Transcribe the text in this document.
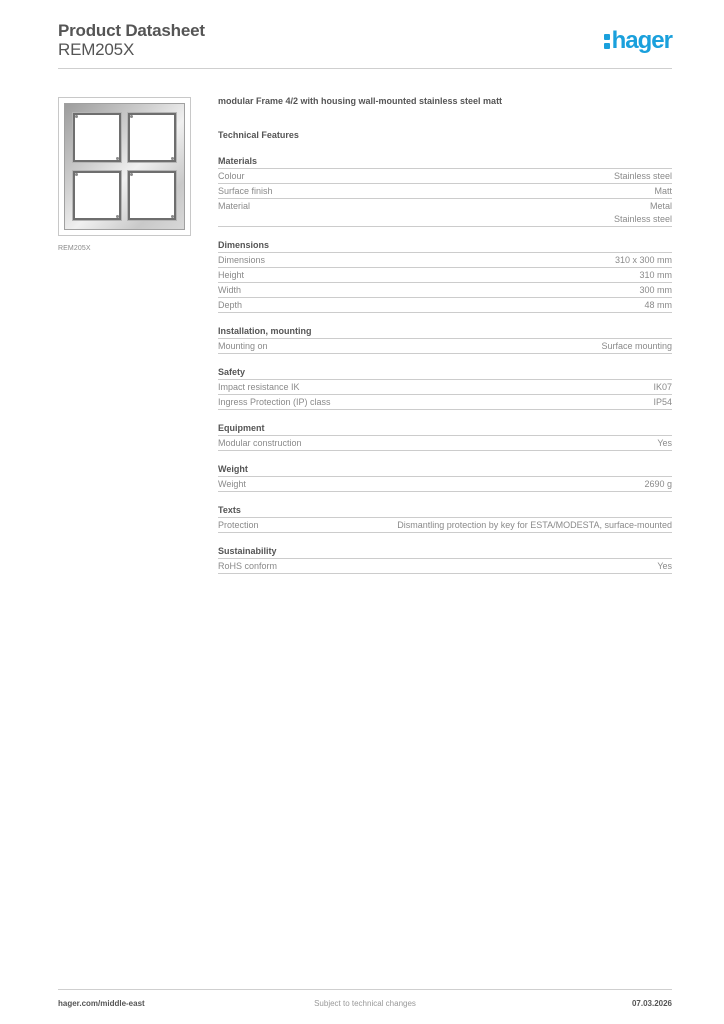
Product Datasheet
REM205X	hager
REM205X
modular Frame 4/2 with housing wall-mounted stainless steel matt
Technical Features
Materials
Colour	Stainless steel
Surface finish	Matt
Material	Metal
Stainless steel
Dimensions
Dimensions	310 x 300 mm
Height	310 mm
Width	300 mm
Depth	48 mm
Installation, mounting
Mounting on	Surface mounting
Safety
Impact resistance IK	IK07
Ingress Protection (IP) class	IP54
Equipment
Modular construction	Yes
Weight
Weight	2690 g
Texts
Protection	Dismantling protection by key for ESTA/MODESTA, surface-mounted
Sustainability
RoHS conform	Yes
Subject to technical changes
hager.com/middle-east	07.03.2026
